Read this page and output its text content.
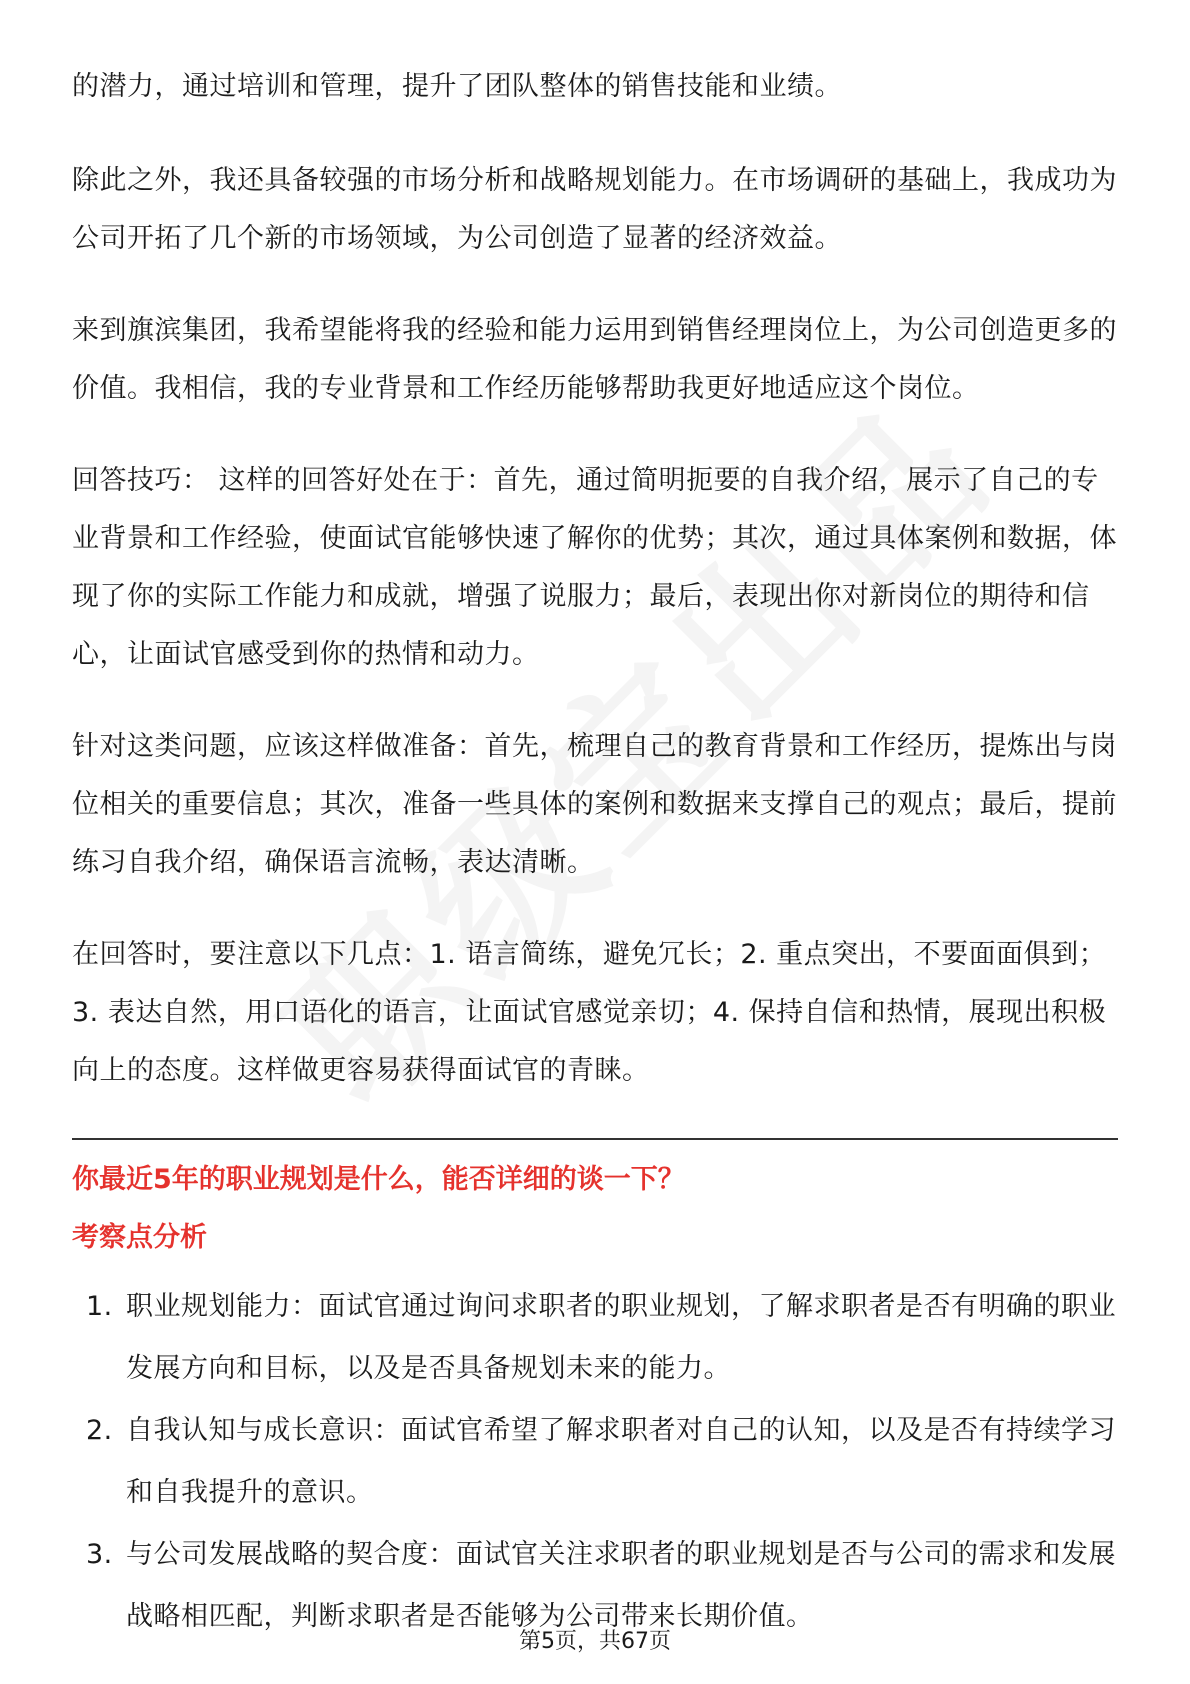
的潜力，通过培训和管理，提升了团队整体的销售技能和业绩。

除此之外，我还具备较强的市场分析和战略规划能力。在市场调研的基础上，我成功为公司开拓了几个新的市场领域，为公司创造了显著的经济效益。

来到旗滨集团，我希望能将我的经验和能力运用到销售经理岗位上，为公司创造更多的价值。我相信，我的专业背景和工作经历能够帮助我更好地适应这个岗位。

回答技巧： 这样的回答好处在于：首先，通过简明扼要的自我介绍，展示了自己的专业背景和工作经验，使面试官能够快速了解你的优势；其次，通过具体案例和数据，体现了你的实际工作能力和成就，增强了说服力；最后，表现出你对新岗位的期待和信心，让面试官感受到你的热情和动力。

针对这类问题，应该这样做准备：首先，梳理自己的教育背景和工作经历，提炼出与岗位相关的重要信息；其次，准备一些具体的案例和数据来支撑自己的观点；最后，提前练习自我介绍，确保语言流畅，表达清晰。

在回答时，要注意以下几点：1. 语言简练，避免冗长；2. 重点突出，不要面面俱到；3. 表达自然，用口语化的语言，让面试官感觉亲切；4. 保持自信和热情，展现出积极向上的态度。这样做更容易获得面试官的青睐。

你最近5年的职业规划是什么，能否详细的谈一下？
考察点分析
1. 职业规划能力：面试官通过询问求职者的职业规划，了解求职者是否有明确的职业发展方向和目标，以及是否具备规划未来的能力。
2. 自我认知与成长意识：面试官希望了解求职者对自己的认知，以及是否有持续学习和自我提升的意识。
3. 与公司发展战略的契合度：面试官关注求职者的职业规划是否与公司的需求和发展战略相匹配，判断求职者是否能够为公司带来长期价值。
第5页，共67页
